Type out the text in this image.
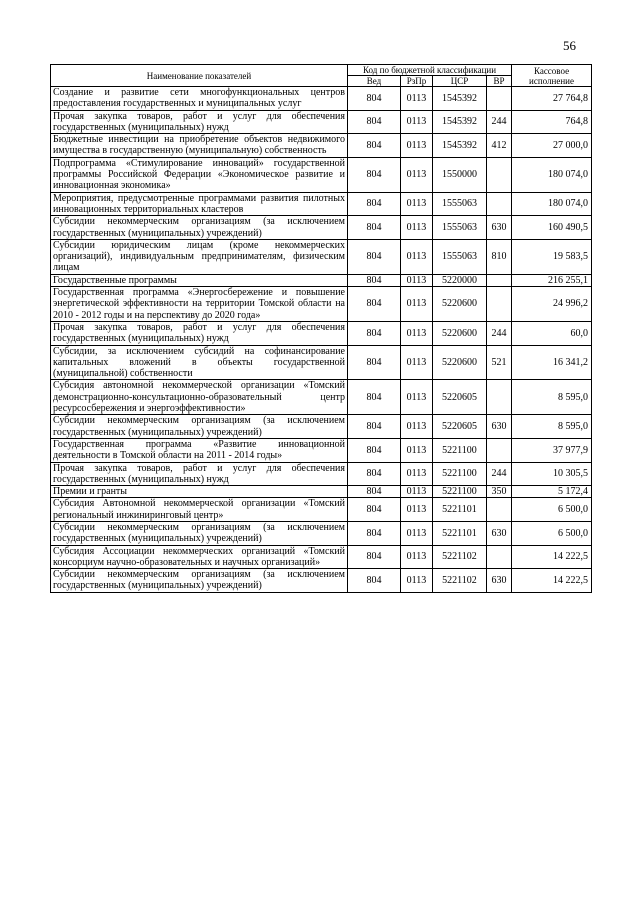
56
Наименование показателей	Код по бюджетной классификации				Кассовое исполнение
	Вед	РзПр	ЦСР	ВР	
Создание и развитие сети многофункциональных центров предоставления государственных и муниципальных услуг	804	0113	1545392		27 764,8
Прочая закупка товаров, работ и услуг для обеспечения государственных (муниципальных) нужд	804	0113	1545392	244	764,8
Бюджетные инвестиции на приобретение объектов недвижимого имущества в государственную (муниципальную) собственность	804	0113	1545392	412	27 000,0
Подпрограмма «Стимулирование инноваций» государственной программы Российской Федерации «Экономическое развитие и инновационная экономика»	804	0113	1550000		180 074,0
Мероприятия, предусмотренные программами развития пилотных инновационных территориальных кластеров	804	0113	1555063		180 074,0
Субсидии некоммерческим организациям (за исключением государственных (муниципальных) учреждений)	804	0113	1555063	630	160 490,5
Субсидии юридическим лицам (кроме некоммерческих организаций), индивидуальным предпринимателям, физическим лицам	804	0113	1555063	810	19 583,5
Государственные программы	804	0113	5220000		216 255,1
Государственная программа «Энергосбережение и повышение энергетической эффективности на территории Томской области на 2010 - 2012 годы и на перспективу до 2020 года»	804	0113	5220600		24 996,2
Прочая закупка товаров, работ и услуг для обеспечения государственных (муниципальных) нужд	804	0113	5220600	244	60,0
Субсидии, за исключением субсидий на софинансирование капитальных вложений в объекты государственной (муниципальной) собственности	804	0113	5220600	521	16 341,2
Субсидия автономной некоммерческой организации «Томский демонстрационно-консультационно-образовательный центр ресурсосбережения и энергоэффективности»	804	0113	5220605		8 595,0
Субсидии некоммерческим организациям (за исключением государственных (муниципальных) учреждений)	804	0113	5220605	630	8 595,0
Государственная программа «Развитие инновационной деятельности в Томской области на 2011 - 2014 годы»	804	0113	5221100		37 977,9
Прочая закупка товаров, работ и услуг для обеспечения государственных (муниципальных) нужд	804	0113	5221100	244	10 305,5
Премии и гранты	804	0113	5221100	350	5 172,4
Субсидия Автономной некоммерческой организации «Томский региональный инжиниринговый центр»	804	0113	5221101		6 500,0
Субсидии некоммерческим организациям (за исключением государственных (муниципальных) учреждений)	804	0113	5221101	630	6 500,0
Субсидия Ассоциации некоммерческих организаций «Томский консорциум научно-образовательных и научных организаций»	804	0113	5221102		14 222,5
Субсидии некоммерческим организациям (за исключением государственных (муниципальных) учреждений)	804	0113	5221102	630	14 222,5
